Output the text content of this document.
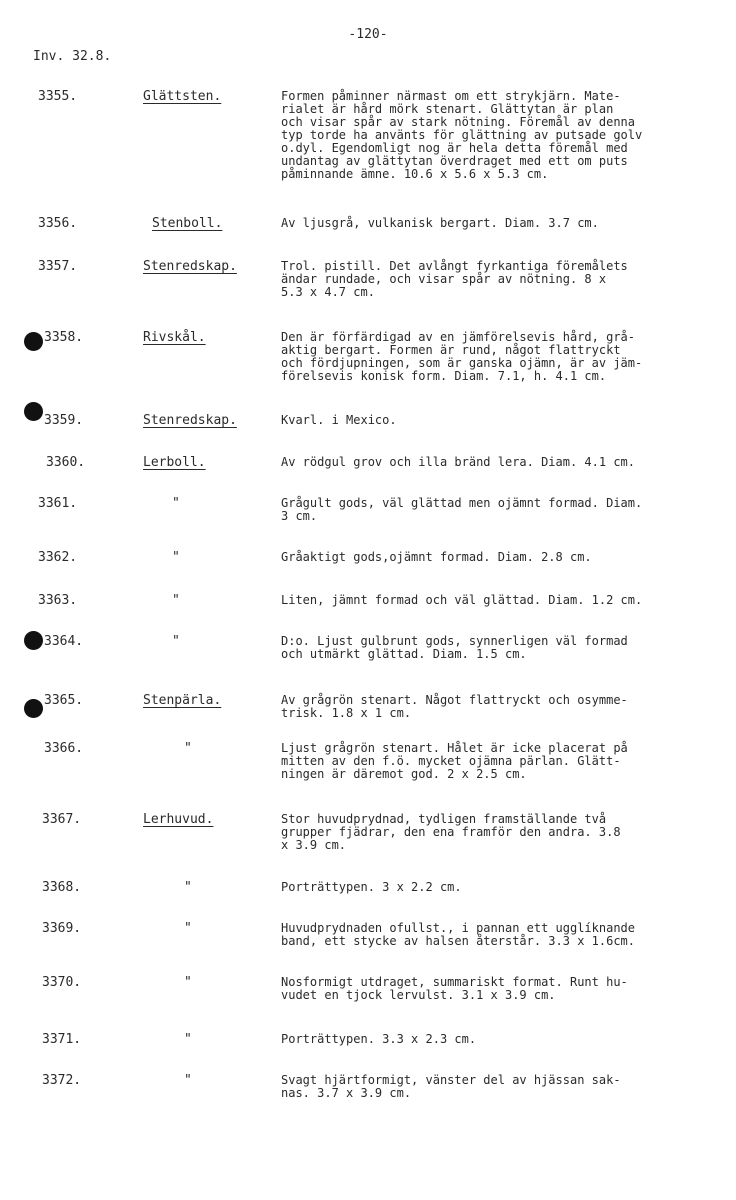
-120-
Inv. 32.8.
3355.	Glättsten.	Formen påminner närmast om ett strykjärn. Mate-
rialet är hård mörk stenart. Glättytan är plan
och visar spår av stark nötning. Föremål av denna
typ torde ha använts för glättning av putsade golv
o.dyl. Egendomligt nog är hela detta föremål med
undantag av glättytan överdraget med ett om puts
påminnande ämne. 10.6 x 5.6 x 5.3 cm.
3356.	Stenboll.	Av ljusgrå, vulkanisk bergart. Diam. 3.7 cm.
3357.	Stenredskap.	Trol. pistill. Det avlångt fyrkantiga föremålets
ändar rundade, och visar spår av nötning. 8 x
5.3 x 4.7 cm.
3358.	Rivskål.	Den är förfärdigad av en jämförelsevis hård, grå-
aktig bergart. Formen är rund, något flattryckt
och fördjupningen, som är ganska ojämn, är av jäm-
förelsevis konisk form. Diam. 7.1, h. 4.1 cm.
3359.	Stenredskap.	Kvarl. i Mexico.
3360.	Lerboll.	Av rödgul grov och illa bränd lera. Diam. 4.1 cm.
3361.	"	Grågult gods, väl glättad men ojämnt formad. Diam.
3 cm.
3362.	"	Gråaktigt gods,ojämnt formad. Diam. 2.8 cm.
3363.	"	Liten, jämnt formad och väl glättad. Diam. 1.2 cm.
3364.	"	D:o. Ljust gulbrunt gods, synnerligen väl formad
och utmärkt glättad. Diam. 1.5 cm.
3365.	Stenpärla.	Av grågrön stenart. Något flattryckt och osymme-
trisk. 1.8 x 1 cm.
3366.	"	Ljust grågrön stenart. Hålet är icke placerat på
mitten av den f.ö. mycket ojämna pärlan. Glätt-
ningen är däremot god. 2 x 2.5 cm.
3367.	Lerhuvud.	Stor huvudprydnad, tydligen framställande två
grupper fjädrar, den ena framför den andra. 3.8
x 3.9 cm.
3368.	"	Porträttypen. 3 x 2.2 cm.
3369.	"	Huvudprydnaden ofullst., i pannan ett ugglíknande
band, ett stycke av halsen återstår. 3.3 x 1.6cm.
3370.	"	Nosformigt utdraget, summariskt format. Runt hu-
vudet en tjock lervulst. 3.1 x 3.9 cm.
3371.	"	Porträttypen. 3.3 x 2.3 cm.
3372.	"	Svagt hjärtformigt, vänster del av hjässan sak-
nas. 3.7 x 3.9 cm.
